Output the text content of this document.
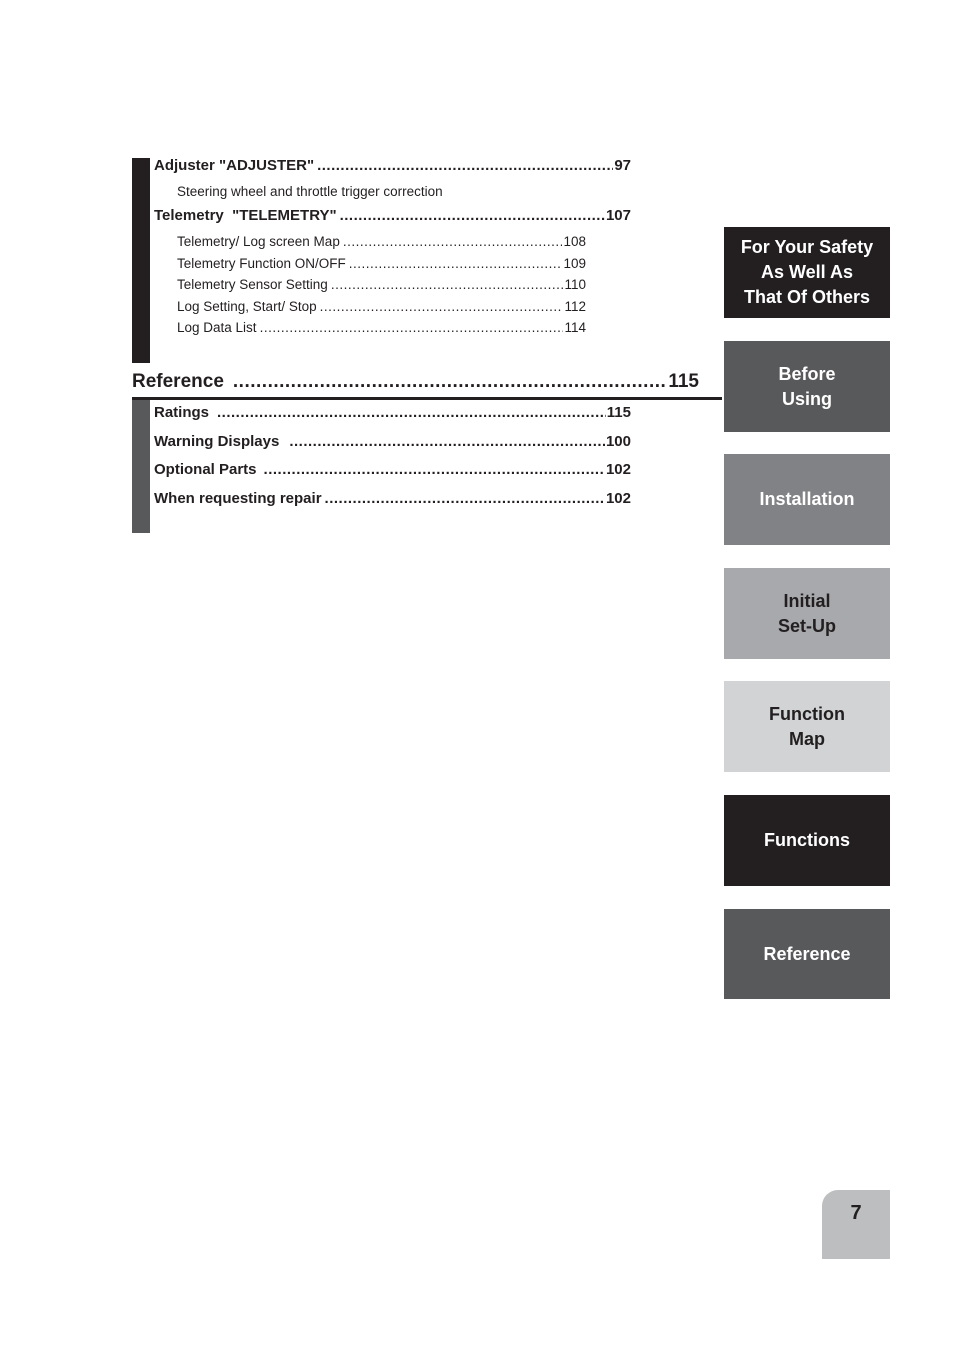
Adjuster "ADJUSTER" .....	97
Steering wheel and throttle trigger correction
Telemetry  "TELEMETRY" .....	107
Telemetry/ Log screen Map .....	108
Telemetry Function ON/OFF .....	109
Telemetry Sensor Setting .....	110
Log Setting, Start/ Stop .....	112
Log Data List .....	114
Reference .....	115
Ratings .....	115
Warning Displays .....	100
Optional Parts .....	102
When requesting repair .....	102
For Your Safety
As Well As
That Of Others
Before
Using
Installation
Initial
Set-Up
Function
Map
Functions
Reference
7
